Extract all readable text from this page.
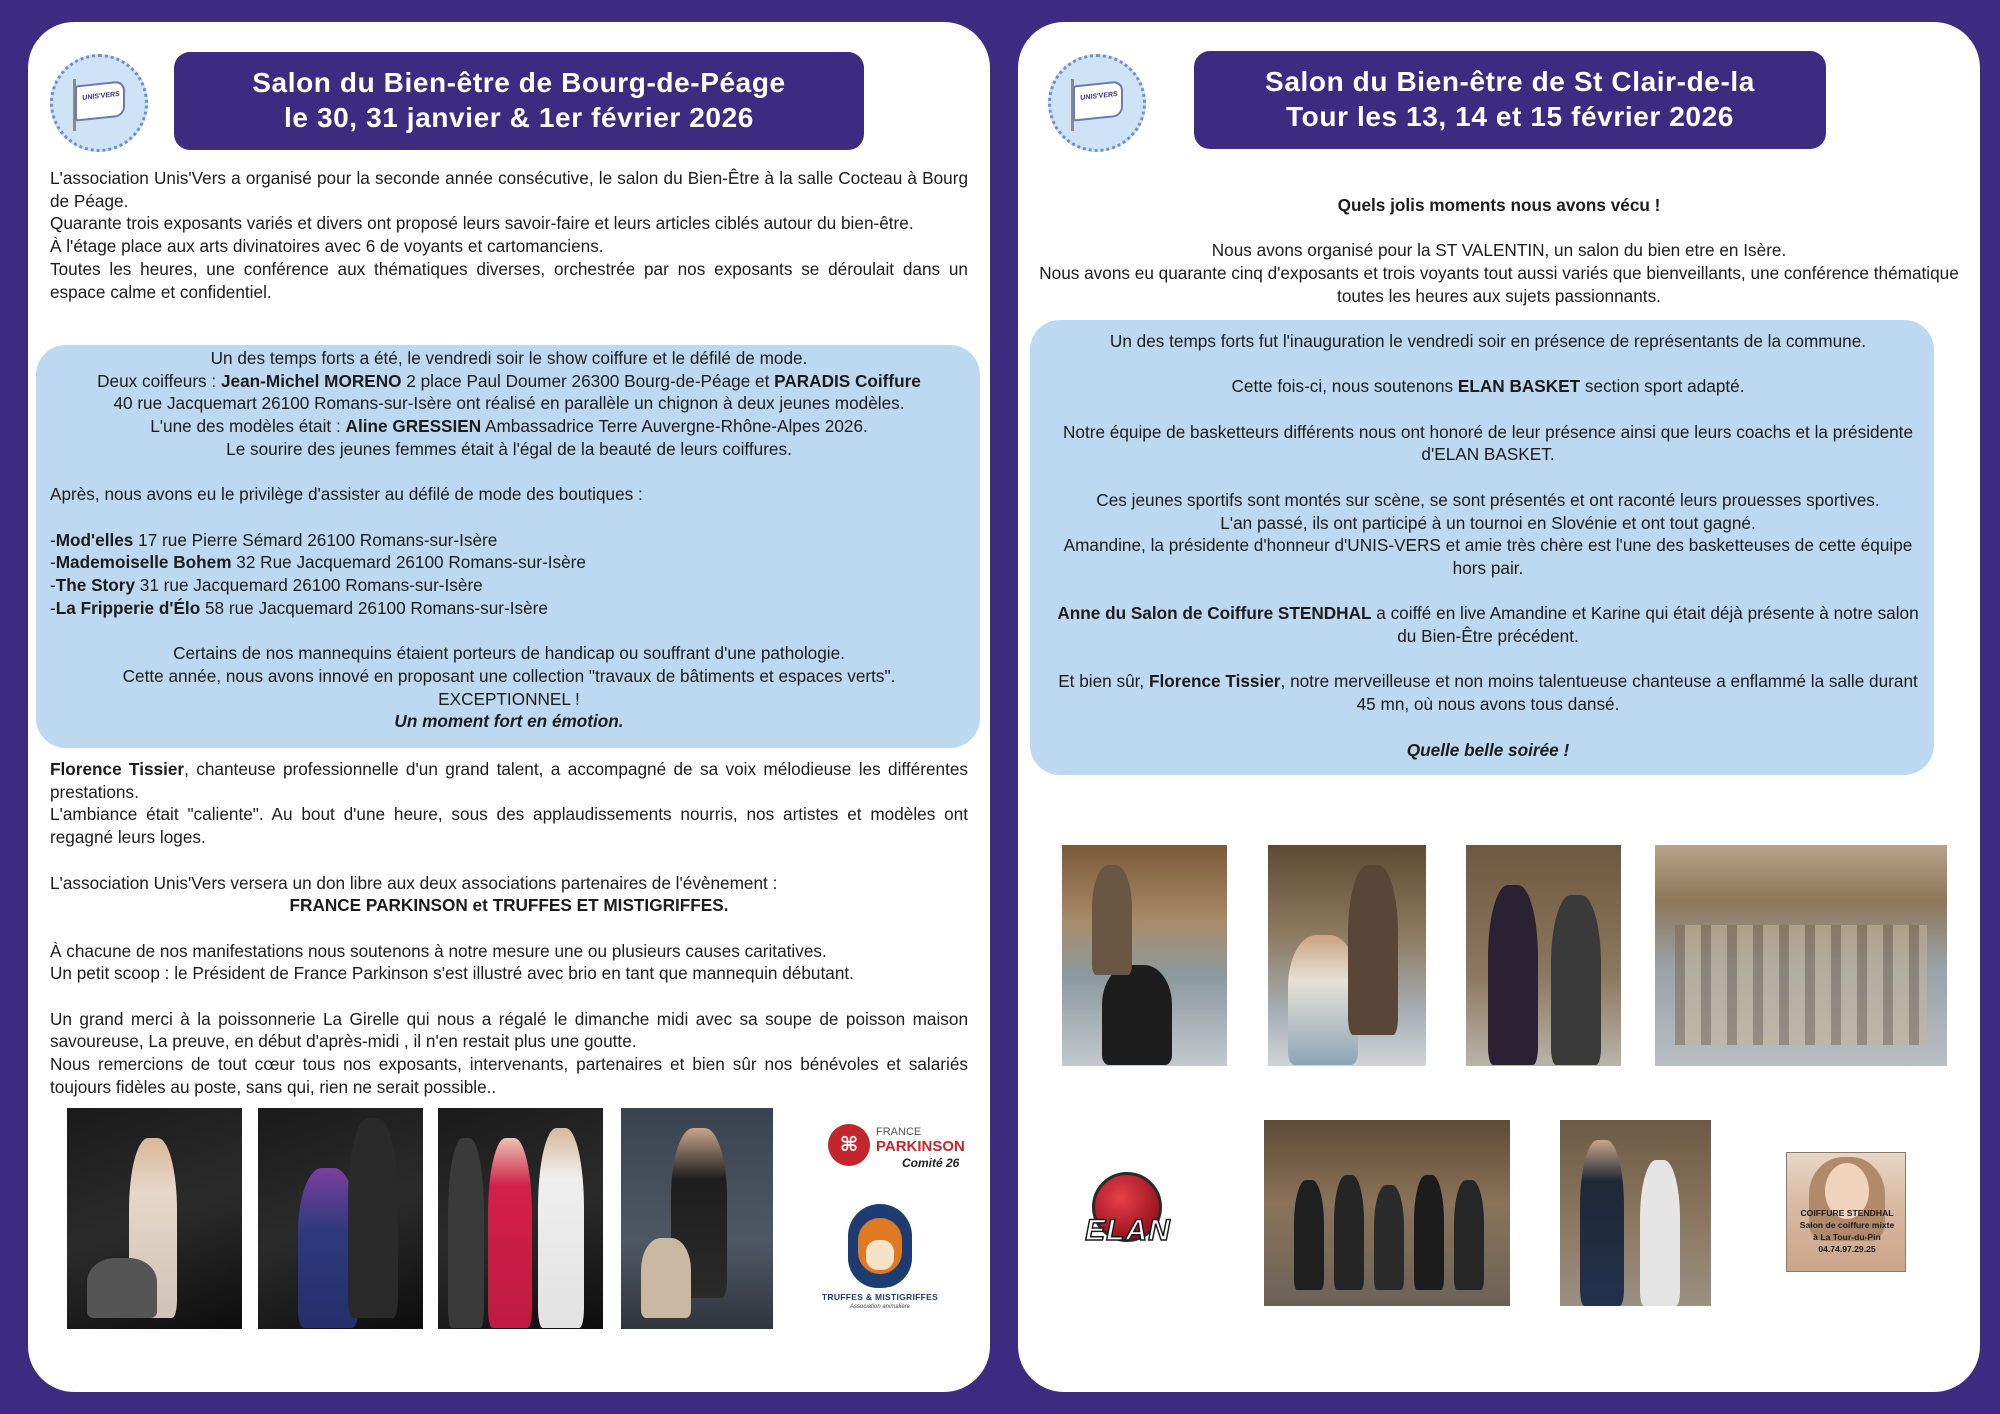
UNIS'VERS	Salon du Bien-être de Bourg-de-Péage
le 30, 31 janvier & 1er février 2026
L'association Unis'Vers a organisé pour la seconde année consécutive, le salon du Bien-Être à la salle Cocteau à Bourg de Péage.
Quarante trois exposants variés et divers ont proposé leurs savoir-faire et leurs articles ciblés autour du bien-être.
À l'étage place aux arts divinatoires avec 6 de voyants et cartomanciens.
Toutes les heures, une conférence aux thématiques diverses, orchestrée par nos exposants se déroulait dans un espace calme et confidentiel.
Un des temps forts a été, le vendredi soir le show coiffure et le défilé de mode.
Deux coiffeurs : Jean-Michel MORENO 2 place Paul Doumer 26300 Bourg-de-Péage et PARADIS Coiffure
40 rue Jacquemart 26100 Romans-sur-Isère ont réalisé en parallèle un chignon à deux jeunes modèles.
L'une des modèles était : Aline GRESSIEN Ambassadrice Terre Auvergne-Rhône-Alpes 2026.
Le sourire des jeunes femmes était à l'égal de la beauté de leurs coiffures.
Après, nous avons eu le privilège d'assister au défilé de mode des boutiques :
-Mod'elles 17 rue Pierre Sémard 26100 Romans-sur-Isère
-Mademoiselle Bohem 32 Rue Jacquemard 26100 Romans-sur-Isère
-The Story 31 rue Jacquemard 26100 Romans-sur-Isère
-La Fripperie d'Élo 58 rue Jacquemard 26100 Romans-sur-Isère
Certains de nos mannequins étaient porteurs de handicap ou souffrant d'une pathologie.
Cette année, nous avons innové en proposant une collection "travaux de bâtiments et espaces verts".
EXCEPTIONNEL !
Un moment fort en émotion.
Florence Tissier, chanteuse professionnelle d'un grand talent, a accompagné de sa voix mélodieuse les différentes prestations.
L'ambiance était "caliente". Au bout d'une heure, sous des applaudissements nourris, nos artistes et modèles ont regagné leurs loges.
L'association Unis'Vers versera un don libre aux deux associations partenaires de l'évènement :
FRANCE PARKINSON et TRUFFES ET MISTIGRIFFES.
À chacune de nos manifestations nous soutenons à notre mesure une ou plusieurs causes caritatives.
Un petit scoop : le Président de France Parkinson s'est illustré avec brio en tant que mannequin débutant.
Un grand merci à la poissonnerie La Girelle qui nous a régalé le dimanche midi avec sa soupe de poisson maison savoureuse, La preuve, en début d'après-midi , il n'en restait plus une goutte.
Nous remercions de tout cœur tous nos exposants, intervenants, partenaires et bien sûr nos bénévoles et salariés toujours fidèles au poste, sans qui, rien ne serait possible..
⌘
FRANCE
PARKINSON
Comité 26
TRUFFES & MISTIGRIFFES
Association animalière
UNIS'VERS	Salon du Bien-être de St Clair-de-la
Tour les 13, 14 et 15 février 2026
Quels jolis moments nous avons vécu !
Nous avons organisé pour la ST VALENTIN, un salon du bien etre en Isère.
Nous avons eu quarante cinq d'exposants et trois voyants tout aussi variés que bienveillants, une conférence thématique toutes les heures aux sujets passionnants.
Un des temps forts fut l'inauguration le vendredi soir en présence de représentants de la commune.
Cette fois-ci, nous soutenons ELAN BASKET section sport adapté.
Notre équipe de basketteurs différents nous ont honoré de leur présence ainsi que leurs coachs et la présidente d'ELAN BASKET.
Ces jeunes sportifs sont montés sur scène, se sont présentés et ont raconté leurs prouesses sportives.
L'an passé, ils ont participé à un tournoi en Slovénie et ont tout gagné.
Amandine, la présidente d'honneur d'UNIS-VERS et amie très chère est l'une des basketteuses de cette équipe hors pair.
Anne du Salon de Coiffure STENDHAL a coiffé en live Amandine et Karine qui était déjà présente à notre salon du Bien-Être précédent.
Et bien sûr, Florence Tissier, notre merveilleuse et non moins talentueuse chanteuse a enflammé la salle durant 45 mn, où nous avons tous dansé.
Quelle belle soirée !
ELAN
COIFFURE STENDHAL
Salon de coiffure mixte
à La Tour-du-Pin
04.74.97.29.25
